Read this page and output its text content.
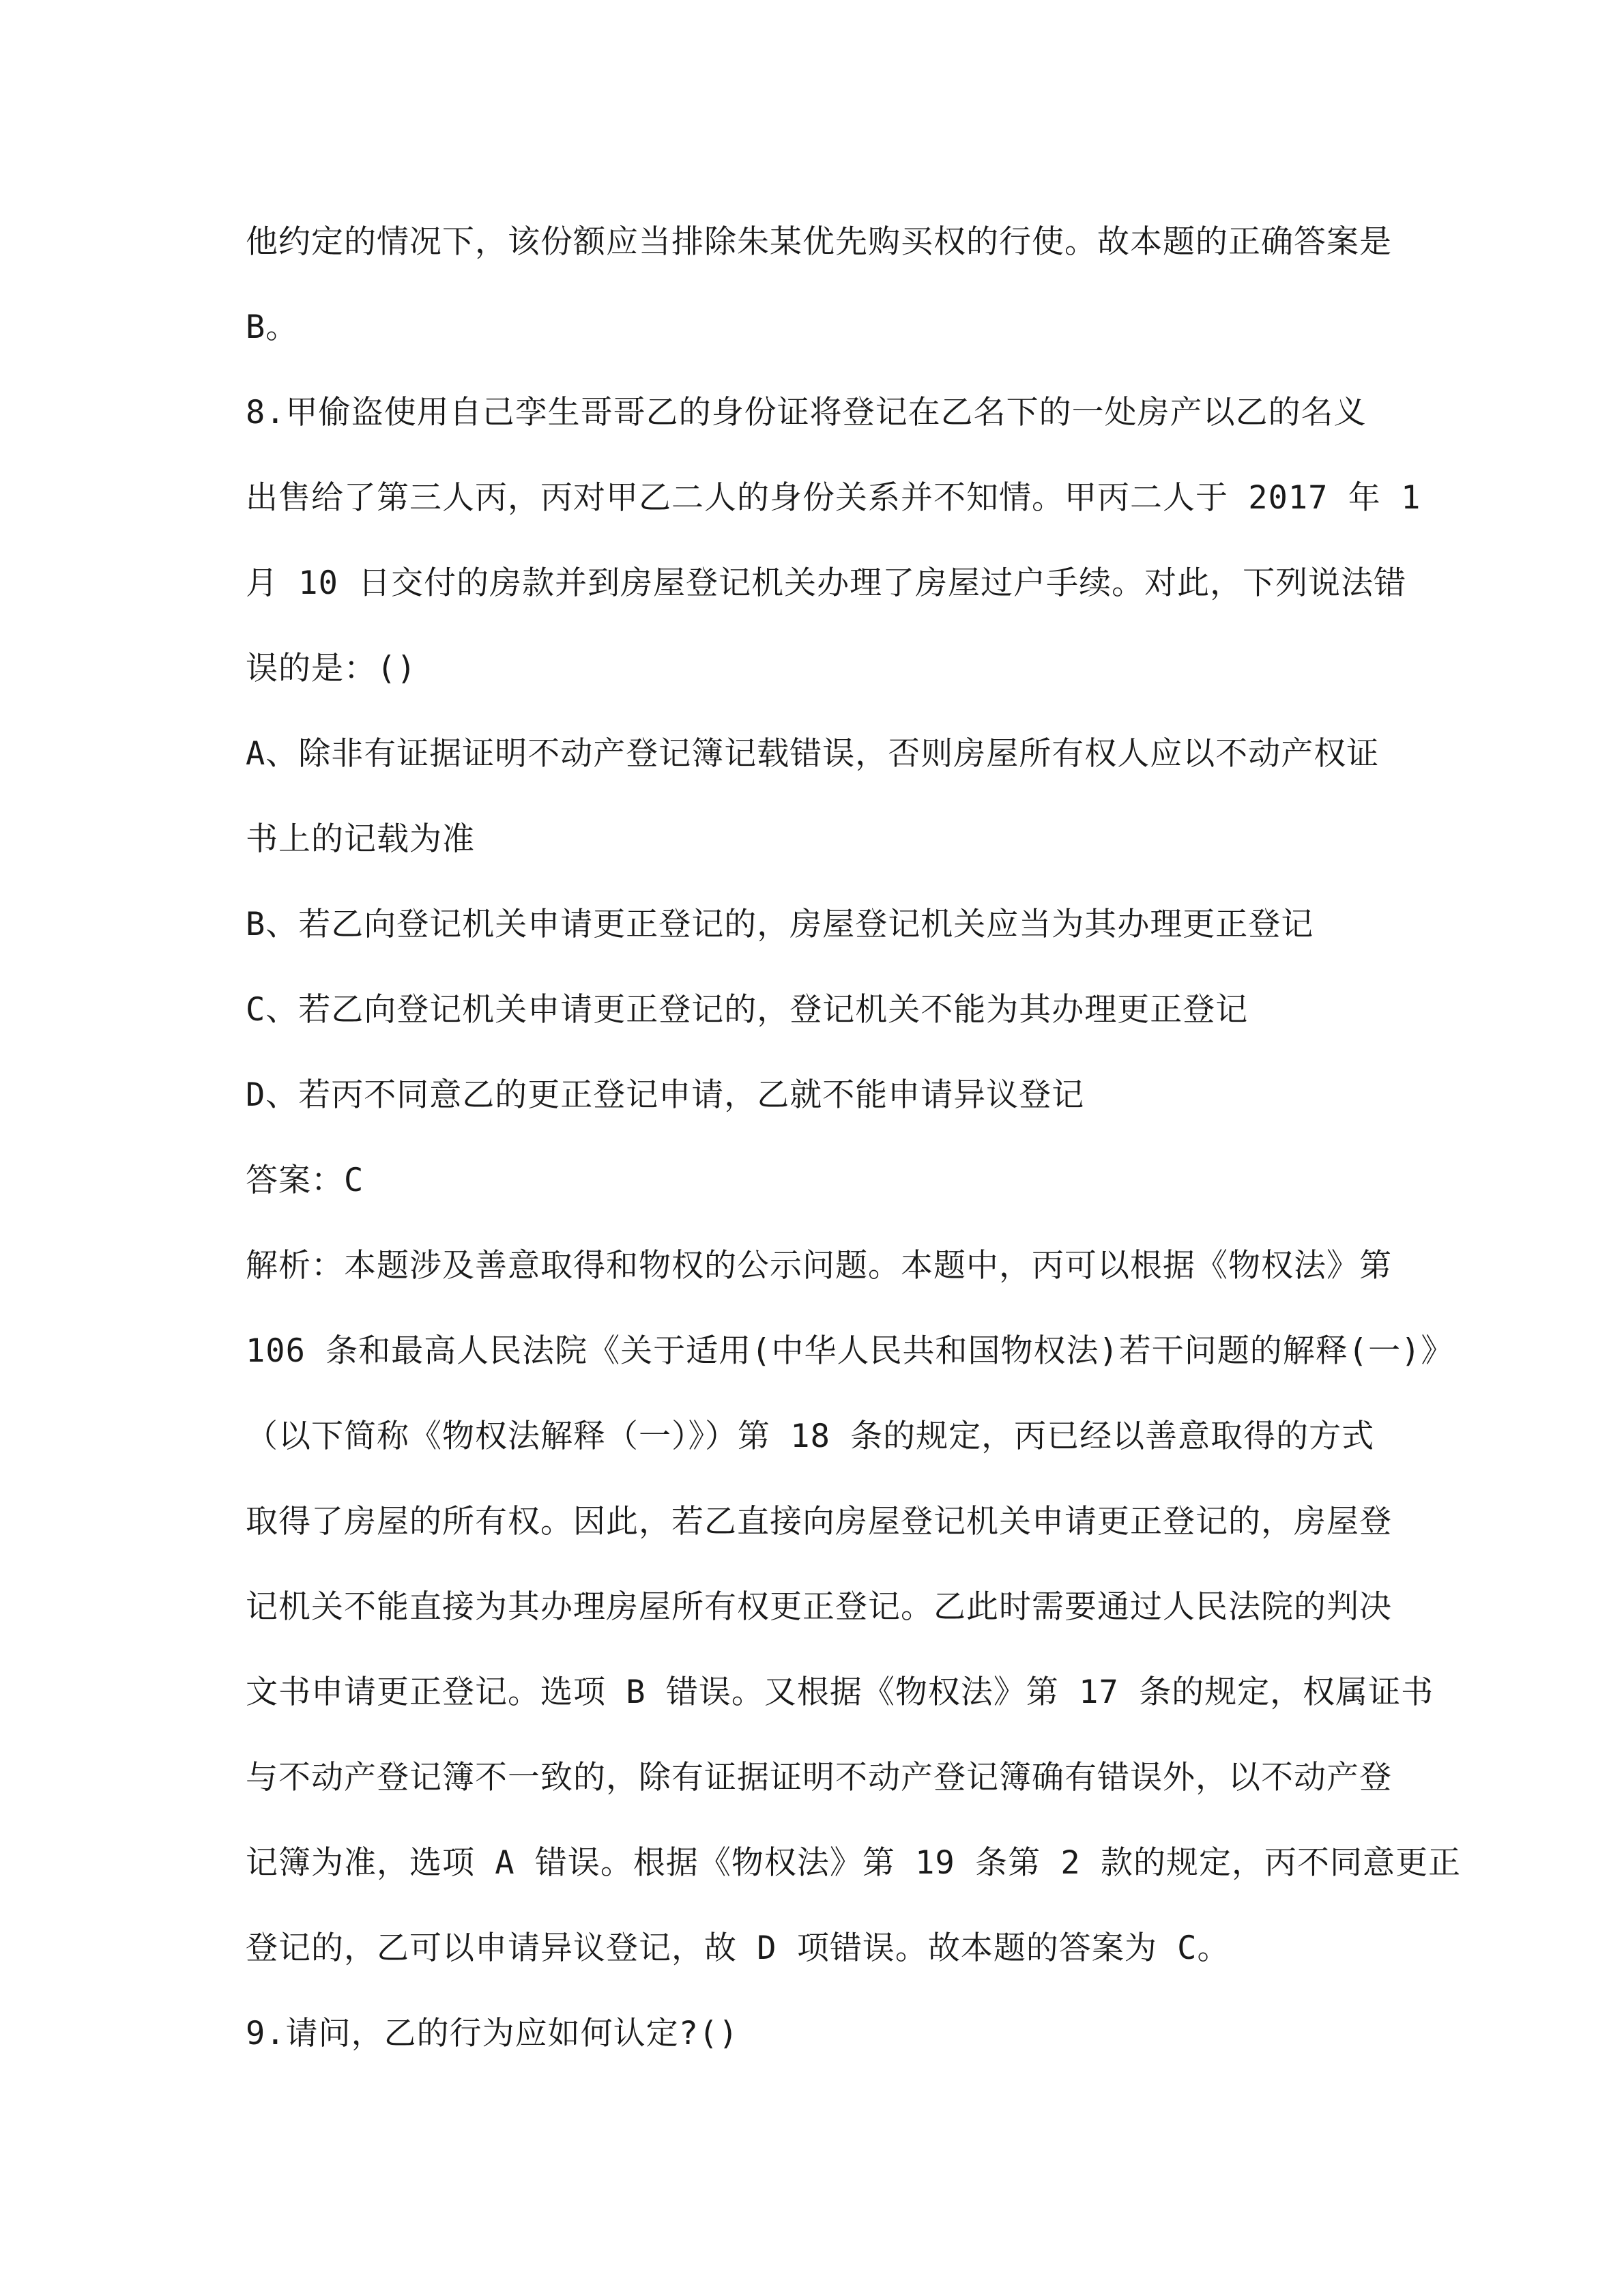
他约定的情况下，该份额应当排除朱某优先购买权的行使。故本题的正确答案是
B。
8.甲偷盗使用自己孪生哥哥乙的身份证将登记在乙名下的一处房产以乙的名义
出售给了第三人丙，丙对甲乙二人的身份关系并不知情。甲丙二人于 2017 年 1
月 10 日交付的房款并到房屋登记机关办理了房屋过户手续。对此，下列说法错
误的是：()
A、除非有证据证明不动产登记簿记载错误，否则房屋所有权人应以不动产权证
书上的记载为准
B、若乙向登记机关申请更正登记的，房屋登记机关应当为其办理更正登记
C、若乙向登记机关申请更正登记的，登记机关不能为其办理更正登记
D、若丙不同意乙的更正登记申请，乙就不能申请异议登记
答案：C
解析：本题涉及善意取得和物权的公示问题。本题中，丙可以根据《物权法》第
106 条和最高人民法院《关于适用(中华人民共和国物权法)若干问题的解释(一)》
（以下简称《物权法解释（一）》）第 18 条的规定，丙已经以善意取得的方式
取得了房屋的所有权。因此，若乙直接向房屋登记机关申请更正登记的，房屋登
记机关不能直接为其办理房屋所有权更正登记。乙此时需要通过人民法院的判决
文书申请更正登记。选项 B 错误。又根据《物权法》第 17 条的规定，权属证书
与不动产登记簿不一致的，除有证据证明不动产登记簿确有错误外，以不动产登
记簿为准，选项 A 错误。根据《物权法》第 19 条第 2 款的规定，丙不同意更正
登记的，乙可以申请异议登记，故 D 项错误。故本题的答案为 C。
9.请问，乙的行为应如何认定?()
